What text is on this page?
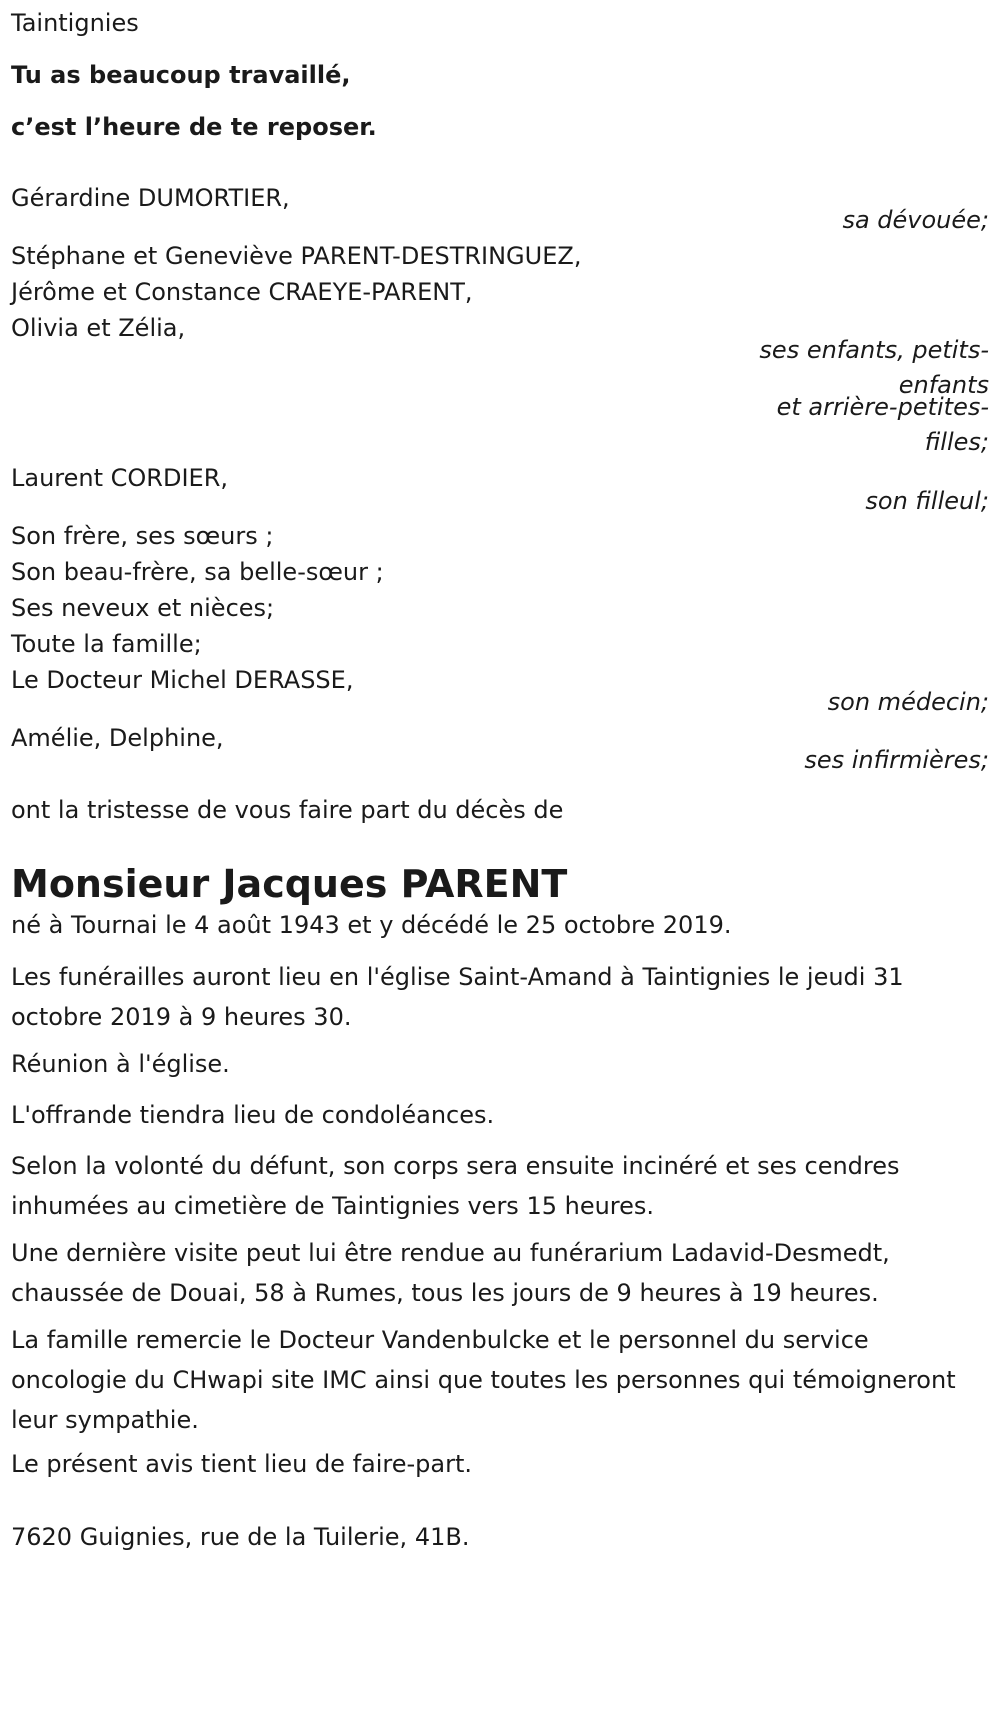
Taintignies
Tu as beaucoup travaillé,
c’est l’heure de te reposer.
Gérardine DUMORTIER,
sa dévouée;
Stéphane et Geneviève PARENT-DESTRINGUEZ,
Jérôme et Constance CRAEYE-PARENT,
Olivia et Zélia,
ses enfants, petits-
enfants
et arrière-petites-
filles;
Laurent CORDIER,
son filleul;
Son frère, ses sœurs ;
Son beau-frère, sa belle-sœur ;
Ses neveux et nièces;
Toute la famille;
Le Docteur Michel DERASSE,
son médecin;
Amélie, Delphine,
ses infirmières;
ont la tristesse de vous faire part du décès de
Monsieur Jacques PARENT
né à Tournai le 4 août 1943 et y décédé le 25 octobre 2019.
Les funérailles auront lieu en l'église Saint-Amand à Taintignies le jeudi 31 octobre 2019 à 9 heures 30.
Réunion à l'église.
L'offrande tiendra lieu de condoléances.
Selon la volonté du défunt, son corps sera ensuite incinéré et ses cendres inhumées au cimetière de Taintignies vers 15 heures.
Une dernière visite peut lui être rendue au funérarium Ladavid-Desmedt, chaussée de Douai, 58 à Rumes, tous les jours de 9 heures à 19 heures.
La famille remercie le Docteur Vandenbulcke et le personnel du service oncologie du CHwapi site IMC ainsi que toutes les personnes qui témoigneront leur sympathie.
Le présent avis tient lieu de faire-part.
7620 Guignies, rue de la Tuilerie, 41B.
